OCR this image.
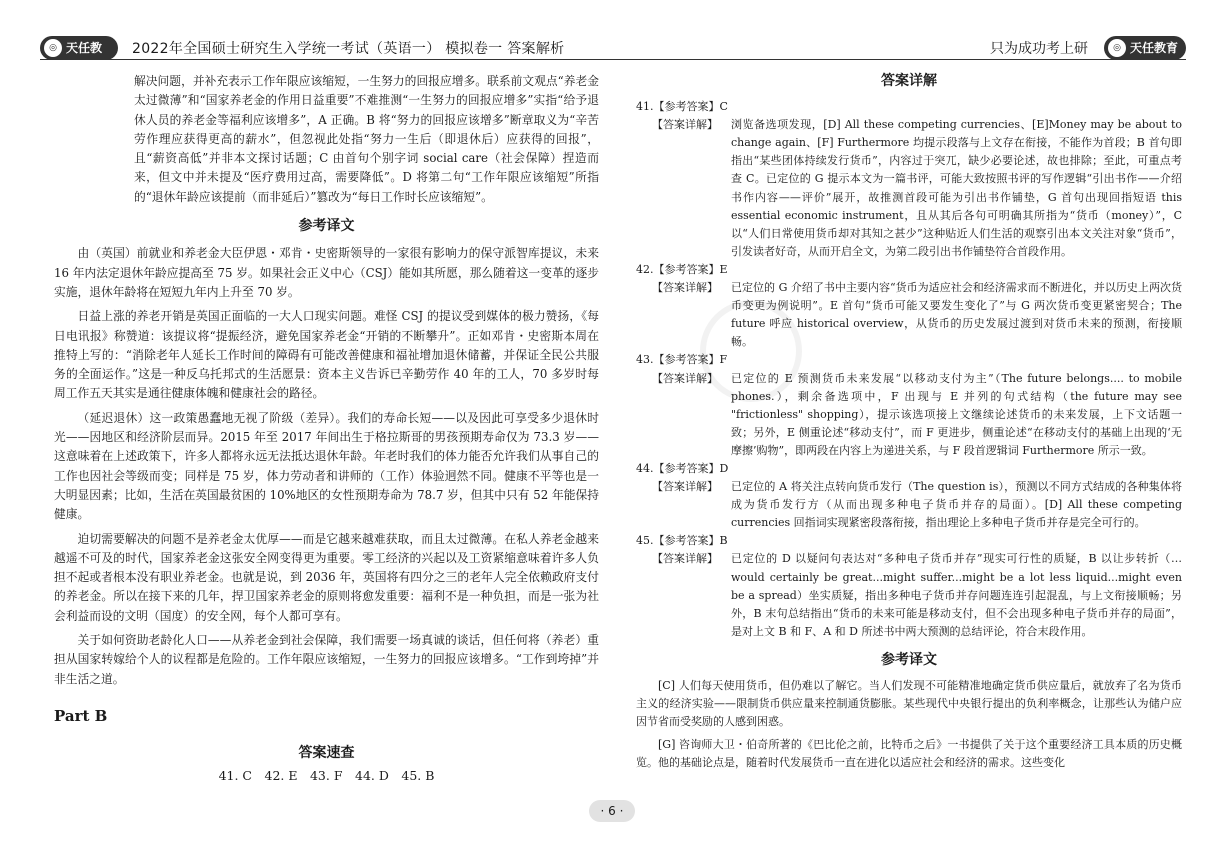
◎ 天任教育
2022年全国硕士研究生入学统一考试（英语一） 模拟卷一 答案解析	只为成功考上研	◎ 天任教育
解决问题，并补充表示工作年限应该缩短，一生努力的回报应增多。联系前文观点“养老金太过微薄”和“国家养老金的作用日益重要”不难推测“一生努力的回报应增多”实指“给予退休人员的养老金等福利应该增多”，A 正确。B 将“努力的回报应该增多”断章取义为“辛苦劳作理应获得更高的薪水”，但忽视此处指“努力一生后（即退休后）应获得的回报”，且“薪资高低”并非本文探讨话题；C 由首句个别字词 social care（社会保障）捏造而来，但文中并未提及“医疗费用过高，需要降低”。D 将第二句“工作年限应该缩短”所指的“退休年龄应该提前（而非延后）”篡改为“每日工作时长应该缩短”。
参考译文

由（英国）前就业和养老金大臣伊恩・邓肯・史密斯领导的一家很有影响力的保守派智库提议，未来 16 年内法定退休年龄应提高至 75 岁。如果社会正义中心（CSJ）能如其所愿，那么随着这一变革的逐步实施，退休年龄将在短短九年内上升至 70 岁。

日益上涨的养老开销是英国正面临的一大人口现实问题。难怪 CSJ 的提议受到媒体的极力赞扬，《每日电讯报》称赞道：该提议将“提振经济，避免国家养老金“开销的不断攀升”。正如邓肯・史密斯本周在推特上写的：“消除老年人延长工作时间的障碍有可能改善健康和福祉增加退休储蓄，并保证全民公共服务的全面运作。”这是一种反乌托邦式的生活愿景：资本主义告诉已辛勤劳作 40 年的工人，70 多岁时每周工作五天其实是通往健康体魄和健康社会的路径。

（延迟退休）这一政策愚蠢地无视了阶级（差异）。我们的寿命长短——以及因此可享受多少退休时光——因地区和经济阶层而异。2015 年至 2017 年间出生于格拉斯哥的男孩预期寿命仅为 73.3 岁——这意味着在上述政策下，许多人都将永远无法抵达退休年龄。年老时我们的体力能否允许我们从事自己的工作也因社会等级而变；同样是 75 岁，体力劳动者和讲师的（工作）体验迥然不同。健康不平等也是一大明显因素；比如，生活在英国最贫困的 10%地区的女性预期寿命为 78.7 岁，但其中只有 52 年能保持健康。

迫切需要解决的问题不是养老金太优厚——而是它越来越难获取，而且太过微薄。在私人养老金越来越遥不可及的时代，国家养老金这张安全网变得更为重要。零工经济的兴起以及工资紧缩意味着许多人负担不起或者根本没有职业养老金。也就是说，到 2036 年，英国将有四分之三的老年人完全依赖政府支付的养老金。所以在接下来的几年，捍卫国家养老金的原则将愈发重要：福利不是一种负担，而是一张为社会利益而设的文明（国度）的安全网，每个人都可享有。

关于如何资助老龄化人口——从养老金到社会保障，我们需要一场真诚的谈话，但任何将（养老）重担从国家转嫁给个人的议程都是危险的。工作年限应该缩短，一生努力的回报应该增多。“工作到垮掉”并非生活之道。

Part B
答案速查
41. C　42. E　43. F　44. D　45. B
答案详解
41. 【参考答案】 C
【答案详解】	浏览备选项发现，[D] All these competing currencies、[E]Money may be about to change again、[F] Furthermore 均提示段落与上文存在衔接，不能作为首段；B 首句即指出“某些团体持续发行货币”，内容过于突兀，缺少必要论述，故也排除；至此，可重点考查 C。已定位的 G 提示本文为一篇书评，可能大致按照书评的写作逻辑“引出书作——介绍书作内容——评价”展开，故推测首段可能为引出书作铺垫，G 首句出现回指短语 this essential economic instrument，且从其后各句可明确其所指为“货币（money）”，C 以“人们日常使用货币却对其知之甚少”这种贴近人们生活的观察引出本文关注对象“货币”，引发读者好奇，从而开启全文，为第二段引出书作铺垫符合首段作用。
42. 【参考答案】 E
【答案详解】	已定位的 G 介绍了书中主要内容“货币为适应社会和经济需求而不断进化，并以历史上两次货币变更为例说明”。E 首句“货币可能又要发生变化了”与 G 两次货币变更紧密契合；The future 呼应 historical overview，从货币的历史发展过渡到对货币未来的预测，衔接顺畅。
43. 【参考答案】 F
【答案详解】	已定位的 E 预测货币未来发展“以移动支付为主”（The future belongs.... to mobile phones.），剩余备选项中，F 出现与 E 并列的句式结构（the future may see "frictionless" shopping），提示该选项接上文继续论述货币的未来发展，上下文话题一致；另外，E 侧重论述“移动支付”，而 F 更进步，侧重论述“在移动支付的基础上出现的‘无摩擦’购物”，即两段在内容上为递进关系，与 F 段首逻辑词 Furthermore 所示一致。
44. 【参考答案】 D
【答案详解】	已定位的 A 将关注点转向货币发行（The question is），预测以不同方式结成的各种集体将成为货币发行方（从而出现多种电子货币并存的局面）。[D] All these competing currencies 回指词实现紧密段落衔接，指出理论上多种电子货币并存是完全可行的。
45. 【参考答案】 B
【答案详解】	已定位的 D 以疑问句表达对“多种电子货币并存”现实可行性的质疑，B 以让步转折（…would certainly be great...might suffer...might be a lot less liquid...might even be a spread）坐实质疑，指出多种电子货币并存问题连连引起混乱，与上文衔接顺畅；另外，B 末句总结指出“货币的未来可能是移动支付，但不会出现多种电子货币并存的局面”，是对上文 B 和 F、A 和 D 所述书中两大预测的总结评论，符合末段作用。
参考译文

[C] 人们每天使用货币，但仍难以了解它。当人们发现不可能精准地确定货币供应量后，就放弃了名为货币主义的经济实验——限制货币供应量来控制通货膨胀。某些现代中央银行提出的负利率概念，让那些认为储户应因节省而受奖励的人感到困惑。

[G] 咨询师大卫・伯奇所著的《巴比伦之前，比特币之后》一书提供了关于这个重要经济工具本质的历史概览。他的基础论点是，随着时代发展货币一直在进化以适应社会和经济的需求。这些变化

· 6 ·
